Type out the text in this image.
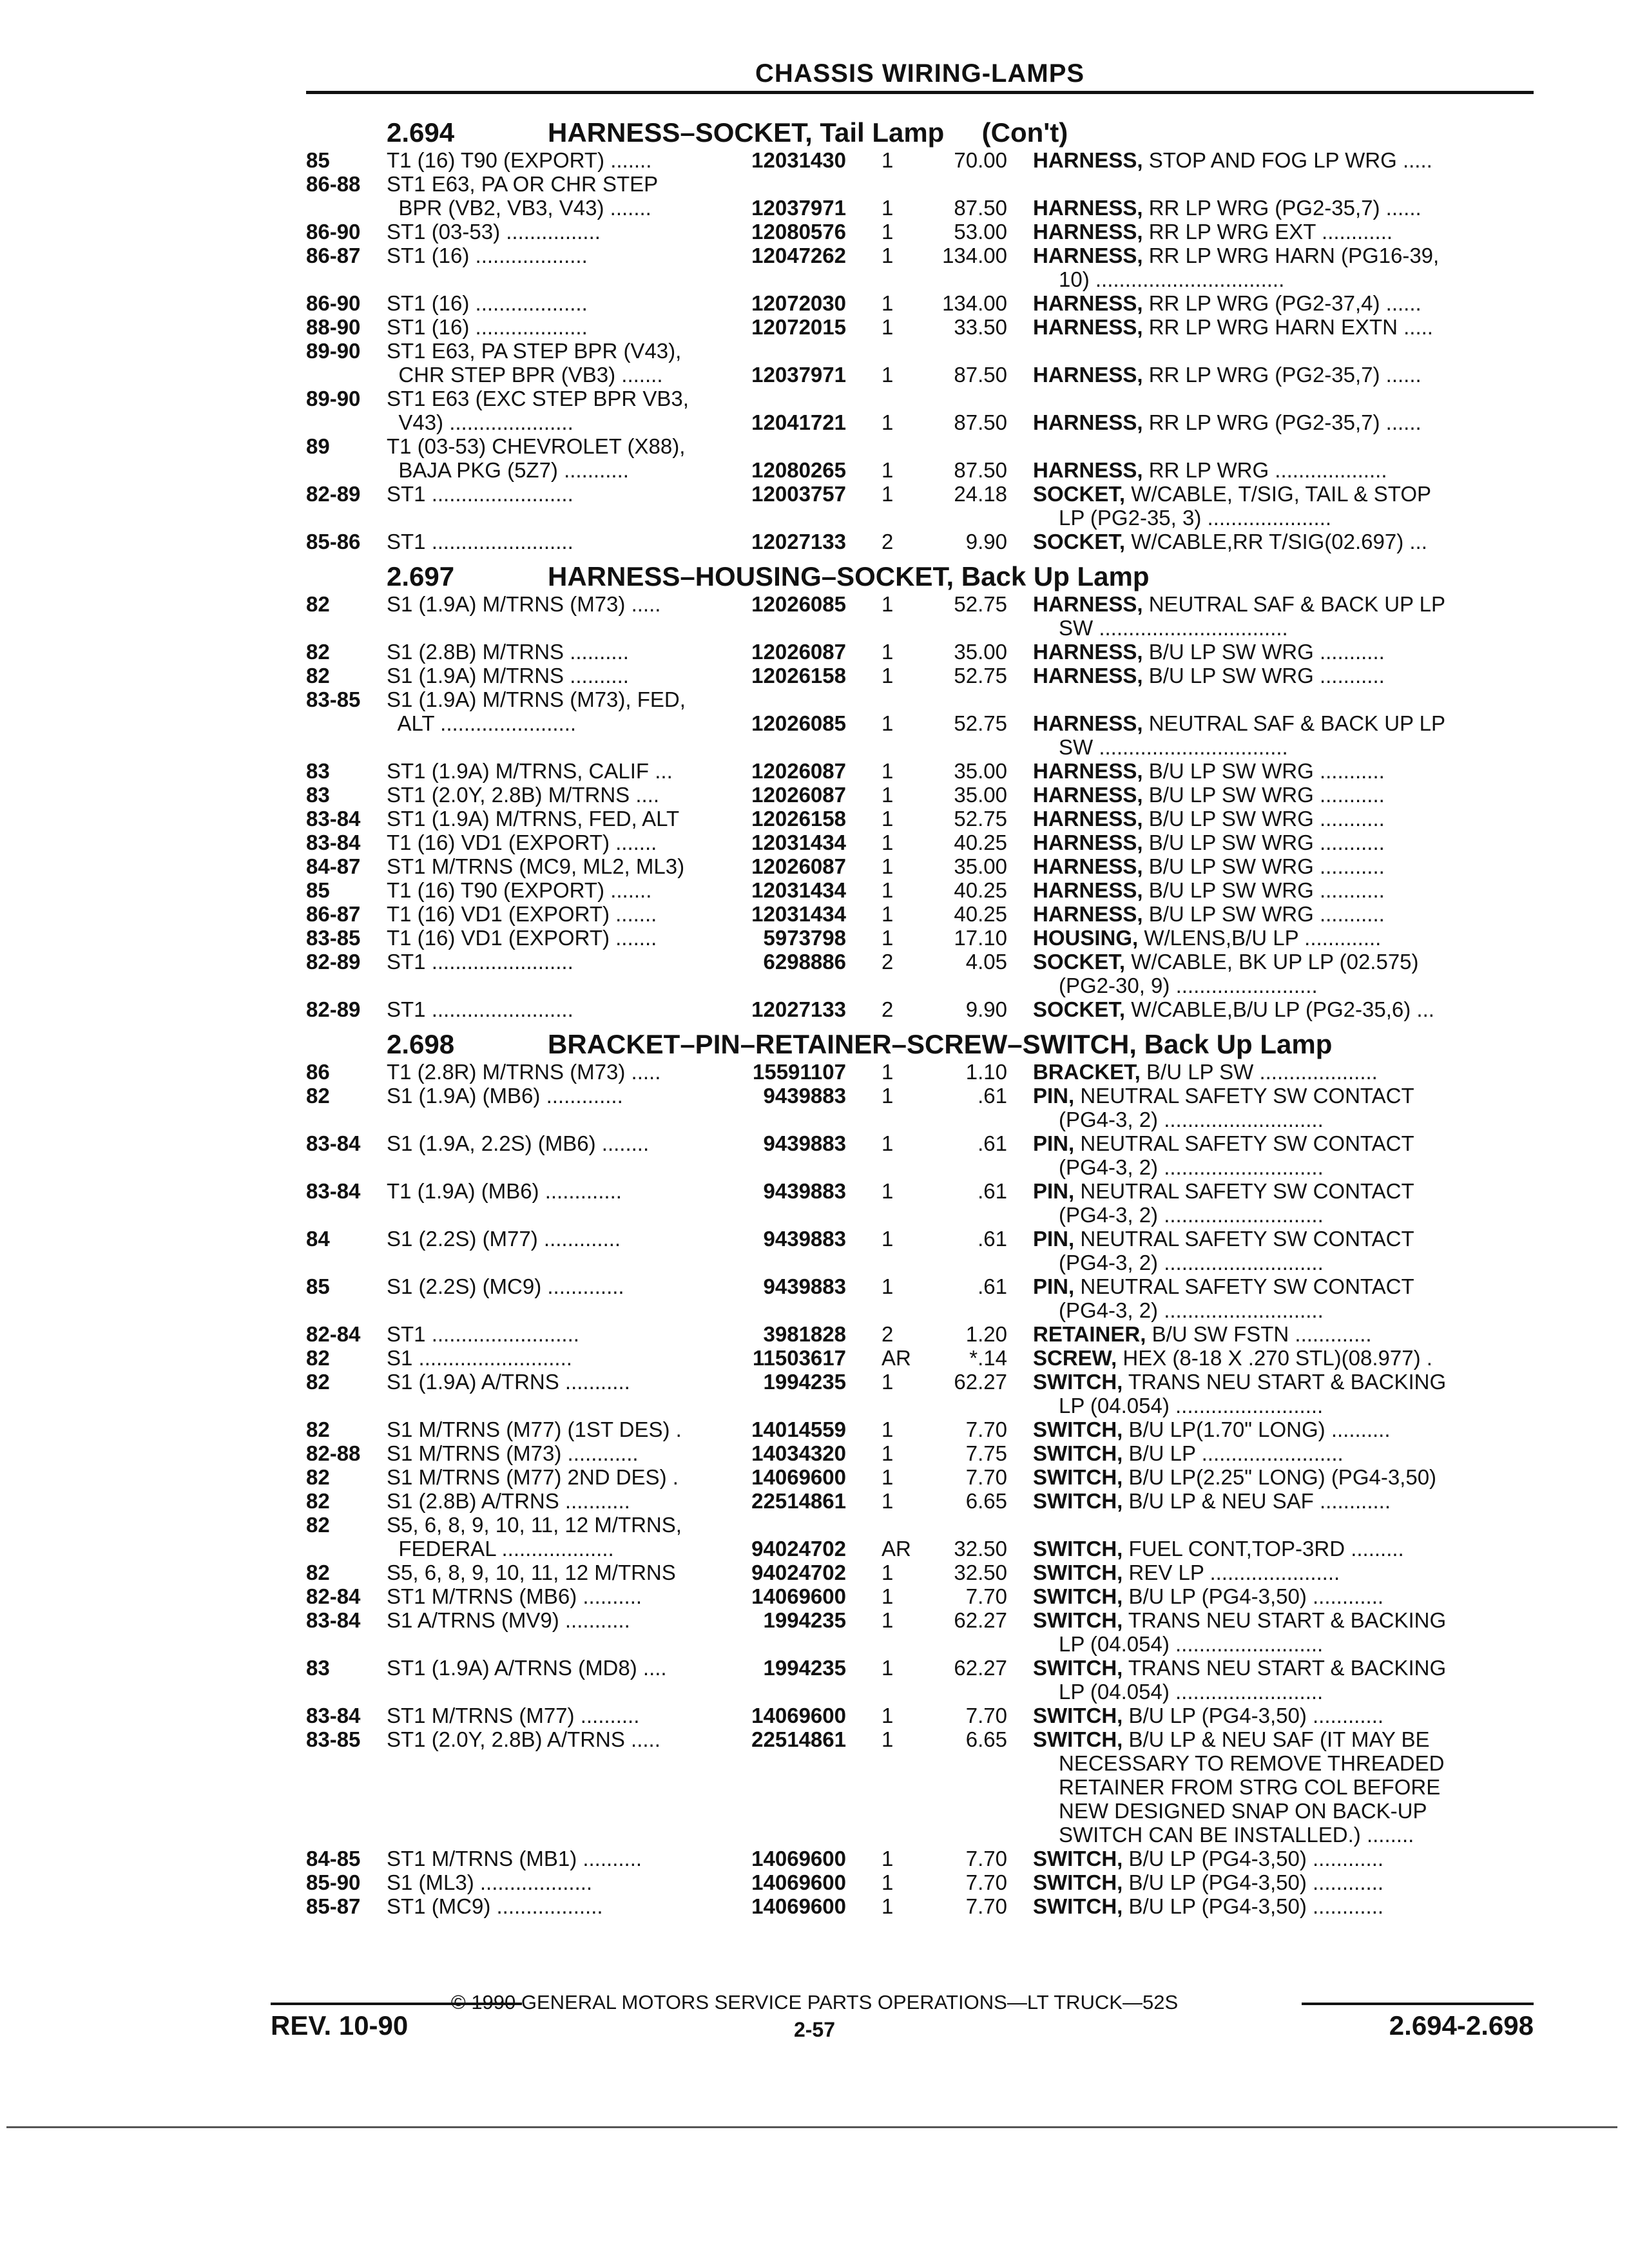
CHASSIS WIRING-LAMPS
2.694	HARNESS–SOCKET, Tail Lamp     (Con't)
85	T1 (16) T90 (EXPORT) .......	12031430	1	70.00	HARNESS, STOP AND FOG LP WRG .....
86-88	ST1 E63, PA OR CHR STEP
BPR (VB2, VB3, V43) .......	12037971	1	87.50	HARNESS, RR LP WRG (PG2-35,7) ......
86-90	ST1 (03-53) ................	12080576	1	53.00	HARNESS, RR LP WRG EXT ............
86-87	ST1 (16) ...................	12047262	1	134.00	HARNESS, RR LP WRG HARN (PG16-39,
10) ................................
86-90	ST1 (16) ...................	12072030	1	134.00	HARNESS, RR LP WRG (PG2-37,4) ......
88-90	ST1 (16) ...................	12072015	1	33.50	HARNESS, RR LP WRG HARN EXTN .....
89-90	ST1 E63, PA STEP BPR (V43),
CHR STEP BPR (VB3) .......	12037971	1	87.50	HARNESS, RR LP WRG (PG2-35,7) ......
89-90	ST1 E63 (EXC STEP BPR VB3,
V43) .....................	12041721	1	87.50	HARNESS, RR LP WRG (PG2-35,7) ......
89	T1 (03-53) CHEVROLET (X88),
BAJA PKG (5Z7) ...........	12080265	1	87.50	HARNESS, RR LP WRG ...................
82-89	ST1 ........................	12003757	1	24.18	SOCKET, W/CABLE, T/SIG, TAIL & STOP
LP (PG2-35, 3) .....................
85-86	ST1 ........................	12027133	2	9.90	SOCKET, W/CABLE,RR T/SIG(02.697) ...
2.697	HARNESS–HOUSING–SOCKET, Back Up Lamp
82	S1 (1.9A) M/TRNS (M73) .....	12026085	1	52.75	HARNESS, NEUTRAL SAF & BACK UP LP
SW ................................
82	S1 (2.8B) M/TRNS ..........	12026087	1	35.00	HARNESS, B/U LP SW WRG ...........
82	S1 (1.9A) M/TRNS ..........	12026158	1	52.75	HARNESS, B/U LP SW WRG ...........
83-85	S1 (1.9A) M/TRNS (M73), FED,
ALT .......................	12026085	1	52.75	HARNESS, NEUTRAL SAF & BACK UP LP
SW ................................
83	ST1 (1.9A) M/TRNS, CALIF ...	12026087	1	35.00	HARNESS, B/U LP SW WRG ...........
83	ST1 (2.0Y, 2.8B) M/TRNS ....	12026087	1	35.00	HARNESS, B/U LP SW WRG ...........
83-84	ST1 (1.9A) M/TRNS, FED, ALT	12026158	1	52.75	HARNESS, B/U LP SW WRG ...........
83-84	T1 (16) VD1 (EXPORT) .......	12031434	1	40.25	HARNESS, B/U LP SW WRG ...........
84-87	ST1 M/TRNS (MC9, ML2, ML3)	12026087	1	35.00	HARNESS, B/U LP SW WRG ...........
85	T1 (16) T90 (EXPORT) .......	12031434	1	40.25	HARNESS, B/U LP SW WRG ...........
86-87	T1 (16) VD1 (EXPORT) .......	12031434	1	40.25	HARNESS, B/U LP SW WRG ...........
83-85	T1 (16) VD1 (EXPORT) .......	5973798	1	17.10	HOUSING, W/LENS,B/U LP .............
82-89	ST1 ........................	6298886	2	4.05	SOCKET, W/CABLE, BK UP LP (02.575)
(PG2-30, 9) ........................
82-89	ST1 ........................	12027133	2	9.90	SOCKET, W/CABLE,B/U LP (PG2-35,6) ...
2.698	BRACKET–PIN–RETAINER–SCREW–SWITCH, Back Up Lamp
86	T1 (2.8R) M/TRNS (M73) .....	15591107	1	1.10	BRACKET, B/U LP SW ....................
82	S1 (1.9A) (MB6) .............	9439883	1	.61	PIN, NEUTRAL SAFETY SW CONTACT
(PG4-3, 2) ...........................
83-84	S1 (1.9A, 2.2S) (MB6) ........	9439883	1	.61	PIN, NEUTRAL SAFETY SW CONTACT
(PG4-3, 2) ...........................
83-84	T1 (1.9A) (MB6) .............	9439883	1	.61	PIN, NEUTRAL SAFETY SW CONTACT
(PG4-3, 2) ...........................
84	S1 (2.2S) (M77) .............	9439883	1	.61	PIN, NEUTRAL SAFETY SW CONTACT
(PG4-3, 2) ...........................
85	S1 (2.2S) (MC9) .............	9439883	1	.61	PIN, NEUTRAL SAFETY SW CONTACT
(PG4-3, 2) ...........................
82-84	ST1 .........................	3981828	2	1.20	RETAINER, B/U SW FSTN .............
82	S1 ..........................	11503617	AR	*.14	SCREW, HEX (8-18 X .270 STL)(08.977) .
82	S1 (1.9A) A/TRNS ...........	1994235	1	62.27	SWITCH, TRANS NEU START & BACKING
LP (04.054) .........................
82	S1 M/TRNS (M77) (1ST DES) .	14014559	1	7.70	SWITCH, B/U LP(1.70" LONG) ..........
82-88	S1 M/TRNS (M73) ............	14034320	1	7.75	SWITCH, B/U LP ........................
82	S1 M/TRNS (M77) 2ND DES) .	14069600	1	7.70	SWITCH, B/U LP(2.25" LONG) (PG4-3,50)
82	S1 (2.8B) A/TRNS ...........	22514861	1	6.65	SWITCH, B/U LP & NEU SAF ............
82	S5, 6, 8, 9, 10, 11, 12 M/TRNS,
FEDERAL ...................	94024702	AR	32.50	SWITCH, FUEL CONT,TOP-3RD .........
82	S5, 6, 8, 9, 10, 11, 12 M/TRNS	94024702	1	32.50	SWITCH, REV LP ......................
82-84	ST1 M/TRNS (MB6) ..........	14069600	1	7.70	SWITCH, B/U LP (PG4-3,50) ............
83-84	S1 A/TRNS (MV9) ...........	1994235	1	62.27	SWITCH, TRANS NEU START & BACKING
LP (04.054) .........................
83	ST1 (1.9A) A/TRNS (MD8) ....	1994235	1	62.27	SWITCH, TRANS NEU START & BACKING
LP (04.054) .........................
83-84	ST1 M/TRNS (M77) ..........	14069600	1	7.70	SWITCH, B/U LP (PG4-3,50) ............
83-85	ST1 (2.0Y, 2.8B) A/TRNS .....	22514861	1	6.65	SWITCH, B/U LP & NEU SAF (IT MAY BE
NECESSARY TO REMOVE THREADED
RETAINER FROM STRG COL BEFORE
NEW DESIGNED SNAP ON BACK-UP
SWITCH CAN BE INSTALLED.) ........
84-85	ST1 M/TRNS (MB1) ..........	14069600	1	7.70	SWITCH, B/U LP (PG4-3,50) ............
85-90	S1 (ML3) ...................	14069600	1	7.70	SWITCH, B/U LP (PG4-3,50) ............
85-87	ST1 (MC9) ..................	14069600	1	7.70	SWITCH, B/U LP (PG4-3,50) ............
© 1990 GENERAL MOTORS SERVICE PARTS OPERATIONS—LT TRUCK—52S
REV. 10-90	2-57	2.694-2.698
